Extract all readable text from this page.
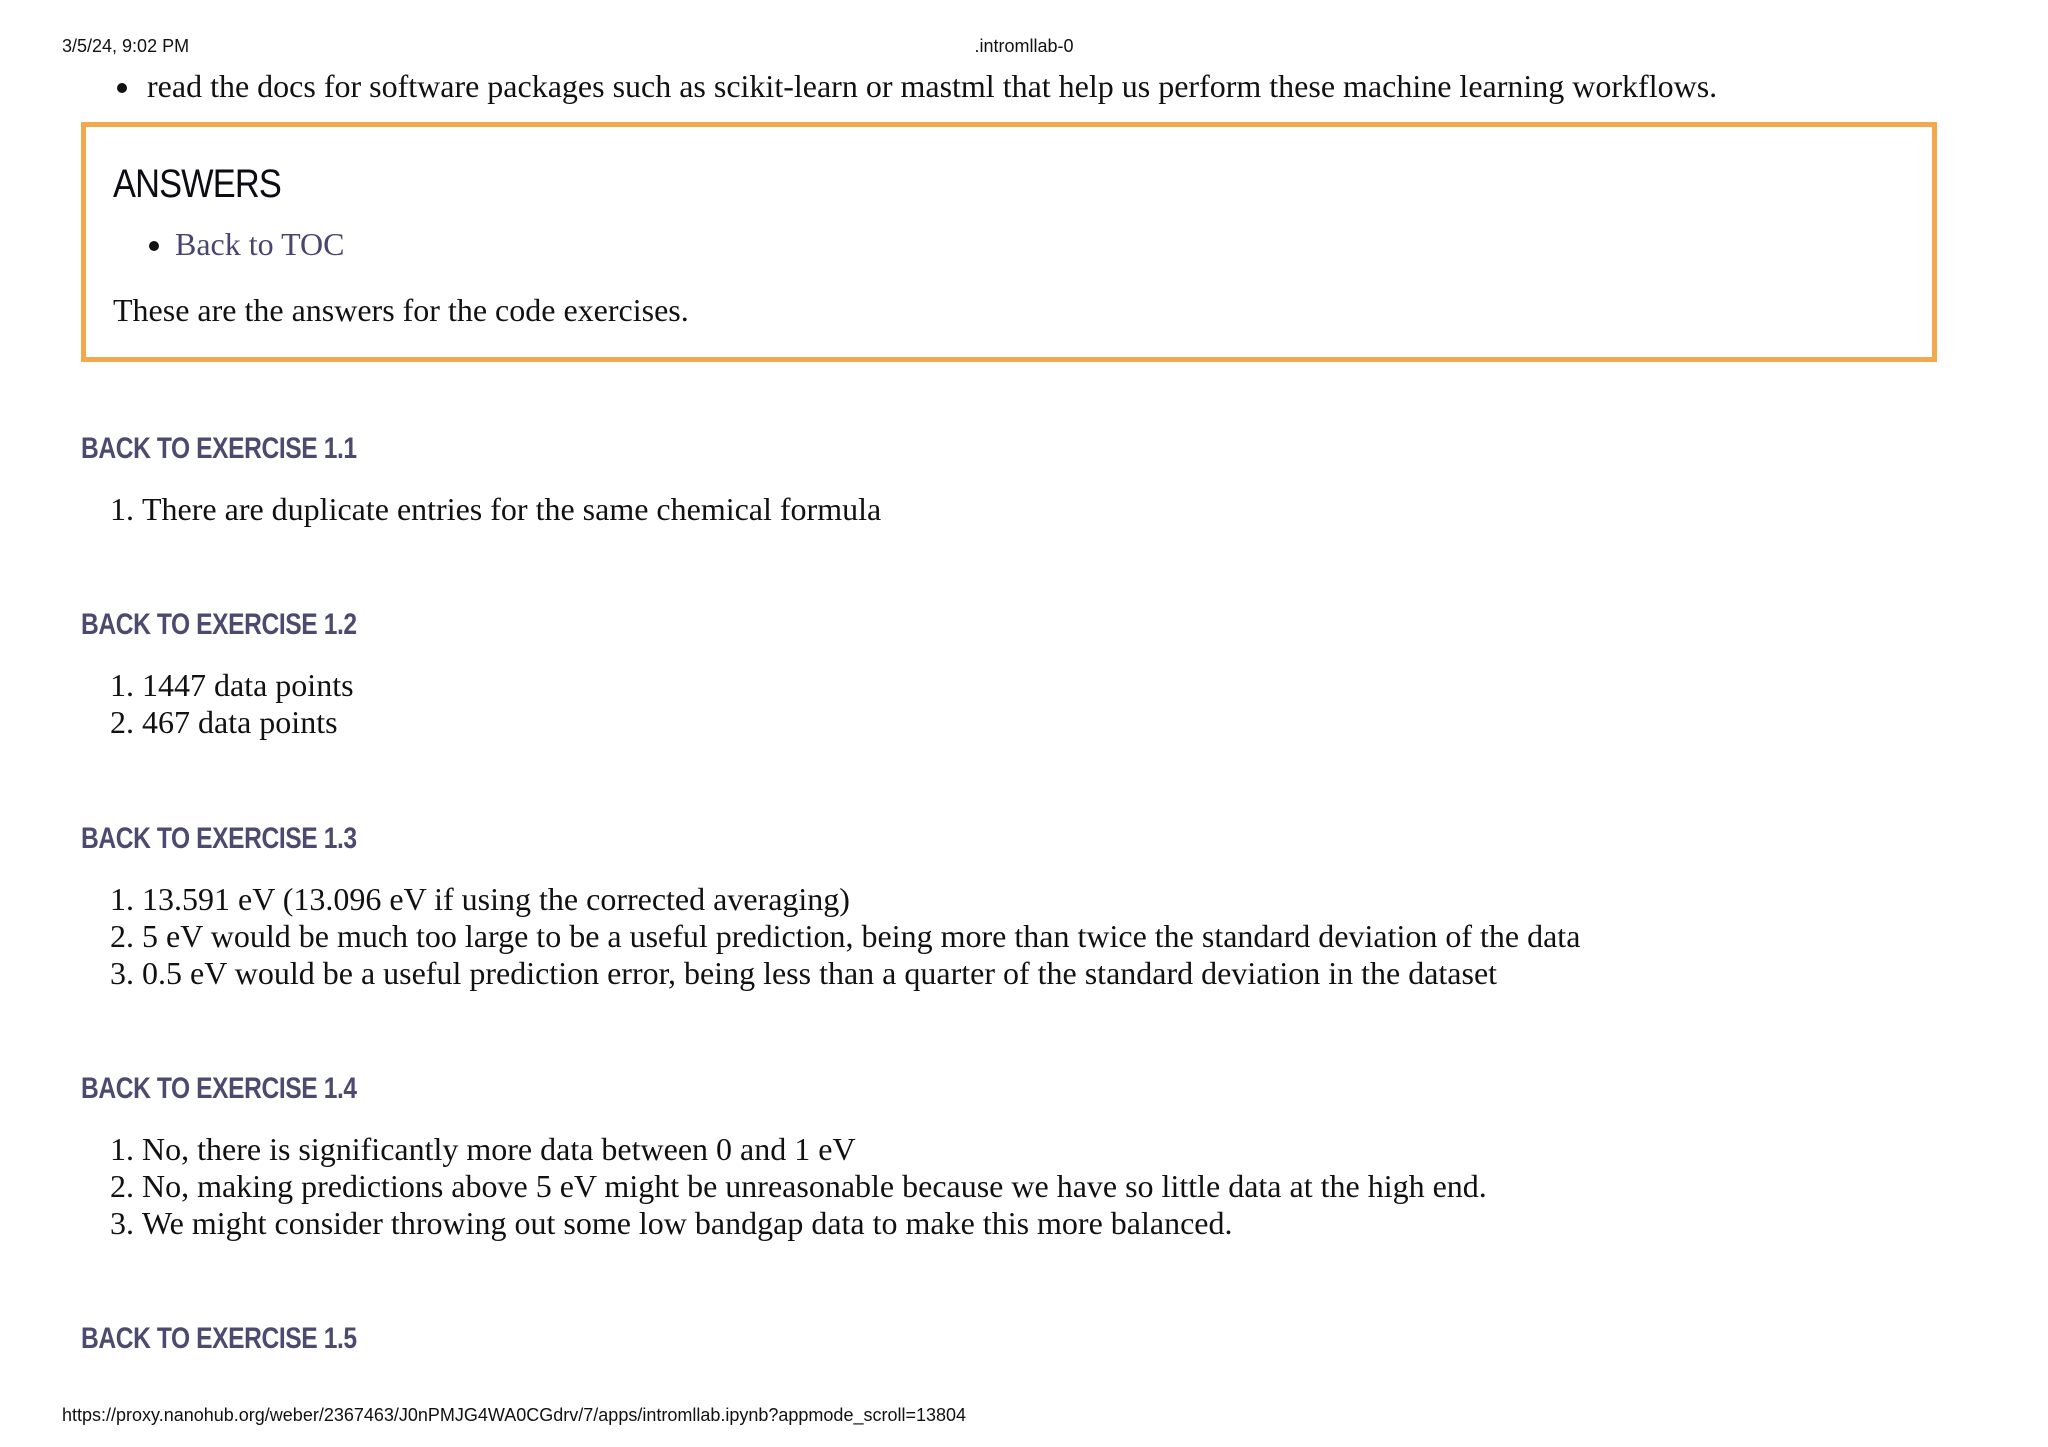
3/5/24, 9:02 PM	.introml​lab-0
• read the docs for software packages such as scikit-learn or mastml that help us perform these machine learning workflows.
ANSWERS
• Back to TOC

These are the answers for the code exercises.

BACK TO EXERCISE 1.1
1. There are duplicate entries for the same chemical formula
BACK TO EXERCISE 1.2
1. 1447 data points
2. 467 data points
BACK TO EXERCISE 1.3
1. 13.591 eV (13.096 eV if using the corrected averaging)
2. 5 eV would be much too large to be a useful prediction, being more than twice the standard deviation of the data
3. 0.5 eV would be a useful prediction error, being less than a quarter of the standard deviation in the dataset
BACK TO EXERCISE 1.4
1. No, there is significantly more data between 0 and 1 eV
2. No, making predictions above 5 eV might be unreasonable because we have so little data at the high end.
3. We might consider throwing out some low bandgap data to make this more balanced.
BACK TO EXERCISE 1.5
https://proxy.nanohub.org/weber/2367463/J0nPMJG4WA0CGdrv/7/apps/intromllab.ipynb?appmode_scroll=13804
